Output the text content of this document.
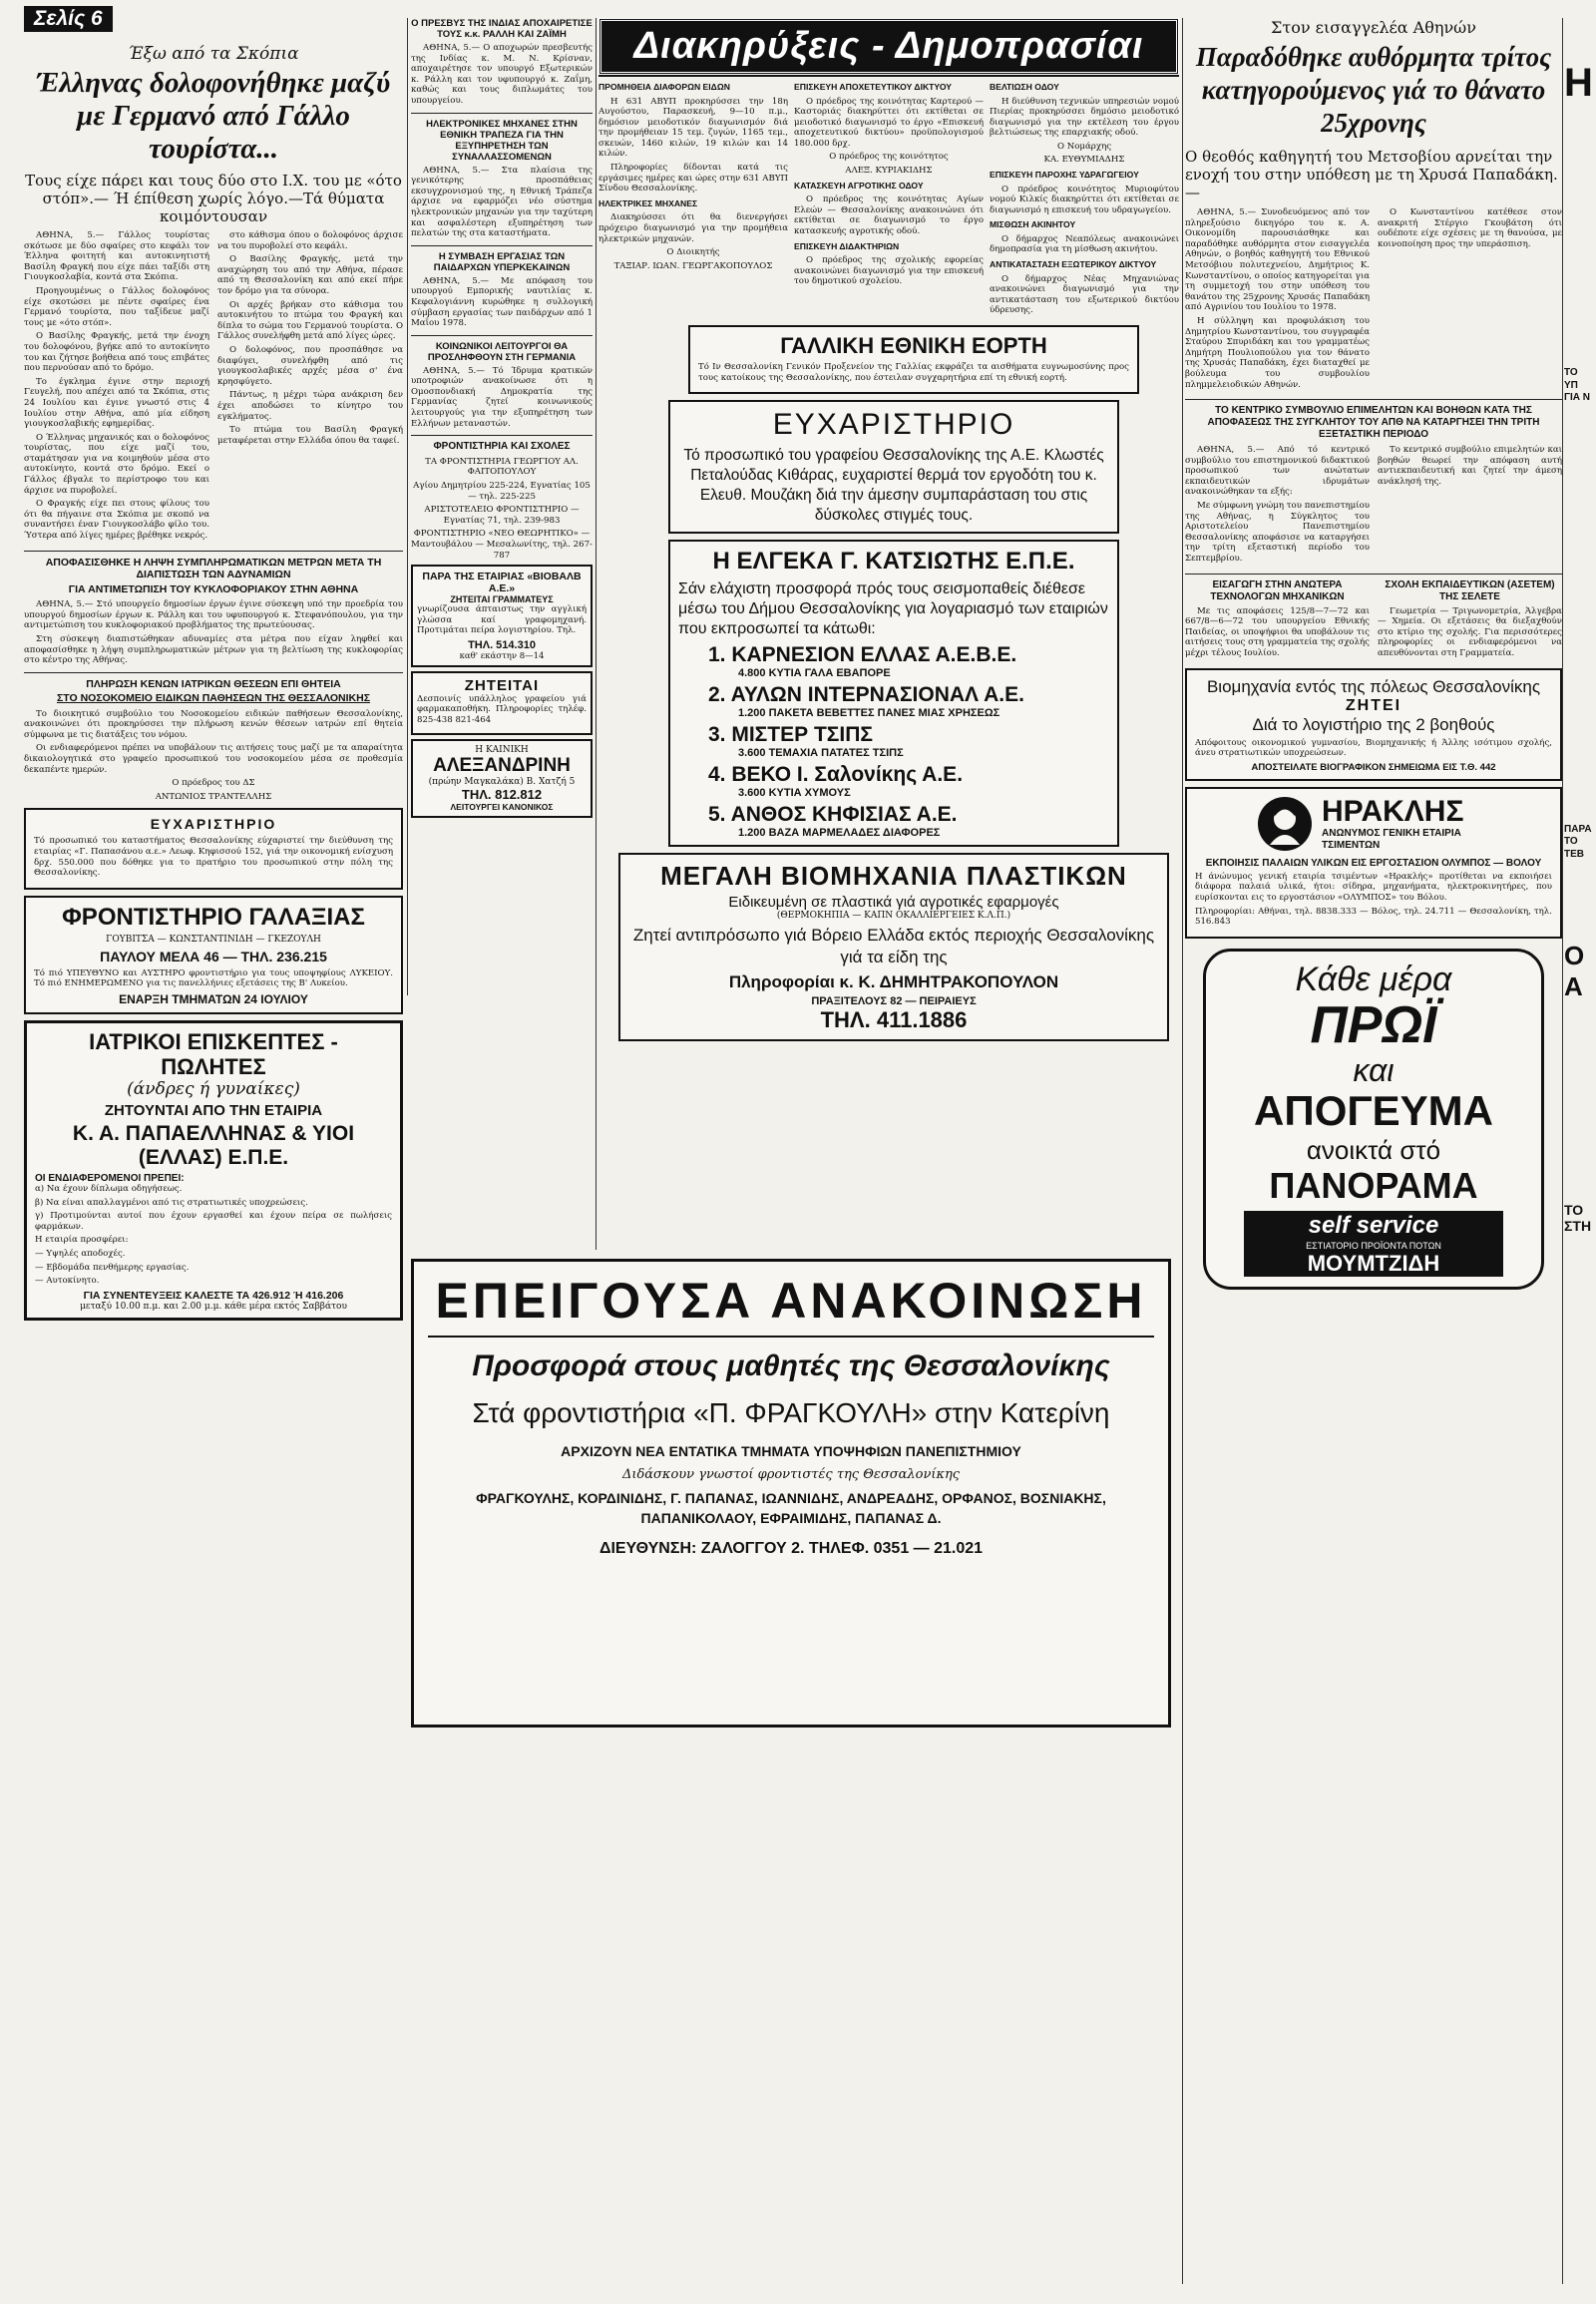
Σελίς 6
Έξω από τα Σκόπια
Έλληνας δολοφονήθηκε μαζύ με Γερμανό από Γάλλο τουρίστα...
Τους είχε πάρει και τους δύο στο Ι.Χ. του με «ότο στόπ».— Ή έπίθεση χωρίς λόγο.—Τά θύματα κοιμόντουσαν

ΑΘΗΝΑ, 5.— Γάλλος τουρίστας σκότωσε με δύο σφαίρες στο κεφάλι τον Έλληνα φοιτητή και αυτοκινητιστή Βασίλη Φραγκή που είχε πάει ταξίδι στη Γιουγκοσλαβία, κοντά στα Σκόπια.

Προηγουμένως ο Γάλλος δολοφόνος είχε σκοτώσει με πέντε σφαίρες ένα Γερμανό τουρίστα, που ταξίδευε μαζί τους με «ότο στόπ».

Ο Βασίλης Φραγκής, μετά την ένοχη του δολοφόνου, βγήκε από το αυτοκίνητο του και ζήτησε βοήθεια από τους επιβάτες που περνούσαν από το δρόμο.

Το έγκλημα έγινε στην περιοχή Γευγελή, που απέχει από τα Σκόπια, στις 24 Ιουλίου και έγινε γνωστό στις 4 Ιουλίου στην Αθήνα, από μία είδηση γιουγκοσλαβικής εφημερίδας.

Ο Έλληνας μηχανικός και ο δολοφόνος τουρίστας, που είχε μαζί του, σταμάτησαν για να κοιμηθούν μέσα στο αυτοκίνητο, κοντά στο δρόμο. Εκεί ο Γάλλος έβγαλε το περίστροφο του και άρχισε να πυροβολεί.

Ο Φραγκής είχε πει στους φίλους του ότι θα πήγαινε στα Σκόπια με σκοπό να συναντήσει έναν Γιουγκοσλάβο φίλο του. Ύστερα από λίγες ημέρες βρέθηκε νεκρός.

στο κάθισμα όπου ο δολοφόνος άρχισε να του πυροβολεί στο κεφάλι.

Ο Βασίλης Φραγκής, μετά την αναχώρηση του από την Αθήνα, πέρασε από τη Θεσσαλονίκη και από εκεί πήρε τον δρόμο για τα σύνορα.

Οι αρχές βρήκαν στο κάθισμα του αυτοκινήτου το πτώμα του Φραγκή και δίπλα το σώμα του Γερμανού τουρίστα. Ο Γάλλος συνελήφθη μετά από λίγες ώρες.

Ο δολοφόνος, που προσπάθησε να διαφύγει, συνελήφθη από τις γιουγκοσλαβικές αρχές μέσα σ' ένα κρησφύγετο.

Πάντως, η μέχρι τώρα ανάκριση δεν έχει αποδώσει το κίνητρο του εγκλήματος.

Το πτώμα του Βασίλη Φραγκή μεταφέρεται στην Ελλάδα όπου θα ταφεί.

ΑΠΟΦΑΣΙΣΘΗΚΕ Η ΛΗΨΗ ΣΥΜΠΛΗΡΩΜΑΤΙΚΩΝ ΜΕΤΡΩΝ ΜΕΤΑ ΤΗ ΔΙΑΠΙΣΤΩΣΗ ΤΩΝ ΑΔΥΝΑΜΙΩΝ
ΓΙΑ ΑΝΤΙΜΕΤΩΠΙΣΗ ΤΟΥ ΚΥΚΛΟΦΟΡΙΑΚΟΥ ΣΤΗΝ ΑΘΗΝΑ

ΑΘΗΝΑ, 5.— Στό υπουργείο δημοσίων έργων έγινε σύσκεψη υπό την προεδρία του υπουργού δημοσίων έργων κ. Ράλλη και του υφυπουργού κ. Στεφανόπουλου, για την αντιμετώπιση του κυκλοφοριακού προβλήματος της πρωτεύουσας.

Στη σύσκεψη διαπιστώθηκαν αδυναμίες στα μέτρα που είχαν ληφθεί και αποφασίσθηκε η λήψη συμπληρωματικών μέτρων για τη βελτίωση της κυκλοφορίας στο κέντρο της Αθήνας.

ΠΛΗΡΩΣΗ ΚΕΝΩΝ ΙΑΤΡΙΚΩΝ ΘΕΣΕΩΝ ΕΠΙ ΘΗΤΕΙΑ
ΣΤΟ ΝΟΣΟΚΟΜΕΙΟ ΕΙΔΙΚΩΝ ΠΑΘΗΣΕΩΝ ΤΗΣ ΘΕΣΣΑΛΟΝΙΚΗΣ

Το διοικητικό συμβούλιο του Νοσοκομείου ειδικών παθήσεων Θεσσαλονίκης, ανακοινώνει ότι προκηρύσσει την πλήρωση κενών θέσεων ιατρών επί θητεία σύμφωνα με τις διατάξεις του νόμου.

Οι ενδιαφερόμενοι πρέπει να υποβάλουν τις αιτήσεις τους μαζί με τα απαραίτητα δικαιολογητικά στο γραφείο προσωπικού του νοσοκομείου μέσα σε προθεσμία δεκαπέντε ημερών.

Ο πρόεδρος του ΔΣ

ΑΝΤΩΝΙΟΣ ΤΡΑΝΤΕΛΛΗΣ

ΕΥΧΑΡΙΣΤΗΡΙΟ

Τό προσωπικό του καταστήματος Θεσσαλονίκης εύχαριστεί την διεύθυνση της εταιρίας «Γ. Παπασάνου α.ε.» Λεωφ. Κηφισσού 152, γιά την οικονομική ενίσχυση δρχ. 550.000 που δόθηκε για το πρατήριο του προσωπικού στην πόλη της Θεσσαλονίκης.

ΦΡΟΝΤΙΣΤΗΡΙΟ ΓΑΛΑΞΙΑΣ
ΓΟΥΒΙΤΣΑ — ΚΩΝΣΤΑΝΤΙΝΙΔΗ — ΓΚΕΖΟΥΛΗ
ΠΑΥΛΟΥ ΜΕΛΑ 46 — ΤΗΛ. 236.215

Τό πιό ΥΠΕΥΘΥΝΟ και ΑΥΣΤΗΡΟ φροντιστήριο για τους υποψηφίους ΛΥΚΕΙΟΥ. Τό πιό ΕΝΗΜΕΡΩΜΕΝΟ για τις πανελλήνιες εξετάσεις της Β' Λυκείου.

ΕΝΑΡΞΗ ΤΜΗΜΑΤΩΝ 24 ΙΟΥΛΙΟΥ
ΙΑΤΡΙΚΟΙ ΕΠΙΣΚΕΠΤΕΣ - ΠΩΛΗΤΕΣ
(άνδρες ή γυναίκες)
ΖΗΤΟΥΝΤΑΙ ΑΠΟ ΤΗΝ ΕΤΑΙΡΙΑ
Κ. Α. ΠΑΠΑΕΛΛΗΝΑΣ & ΥΙΟΙ (ΕΛΛΑΣ) Ε.Π.Ε.
ΟΙ ΕΝΔΙΑΦΕΡΟΜΕΝΟΙ ΠΡΕΠΕΙ:
α) Να έχουν δίπλωμα οδηγήσεως.
β) Να είναι απαλλαγμένοι από τις στρατιωτικές υποχρεώσεις.
γ) Προτιμούνται αυτοί που έχουν εργασθεί και έχουν πείρα σε πωλήσεις φαρμάκων.
Η εταιρία προσφέρει:
— Υψηλές αποδοχές.
— Εβδομάδα πενθήμερης εργασίας.
— Αυτοκίνητο.
ΓΙΑ ΣΥΝΕΝΤΕΥΞΕΙΣ ΚΑΛΕΣΤΕ ΤΑ 426.912 Ή 416.206
μεταξύ 10.00 π.μ. και 2.00 μ.μ. κάθε μέρα εκτός Σαββάτου
Ο ΠΡΕΣΒΥΣ ΤΗΣ ΙΝΔΙΑΣ ΑΠΟΧΑΙΡΕΤΙΣΕ ΤΟΥΣ κ.κ. ΡΑΛΛΗ ΚΑΙ ΖΑΪΜΗ

ΑΘΗΝΑ, 5.— Ο αποχωρών πρεσβευτής της Ινδίας κ. Μ. Ν. Κρίσναν, αποχαιρέτησε τον υπουργό Εξωτερικών κ. Ράλλη και τον υφυπουργό κ. Ζαΐμη, καθώς και τους διπλωμάτες του υπουργείου.

ΗΛΕΚΤΡΟΝΙΚΕΣ ΜΗΧΑΝΕΣ ΣΤΗΝ ΕΘΝΙΚΗ ΤΡΑΠΕΖΑ ΓΙΑ ΤΗΝ ΕΞΥΠΗΡΕΤΗΣΗ ΤΩΝ ΣΥΝΑΛΛΑΣΣΟΜΕΝΩΝ

ΑΘΗΝΑ, 5.— Στα πλαίσια της γενικότερης προσπάθειας εκσυγχρονισμού της, η Εθνική Τράπεζα άρχισε να εφαρμόζει νέο σύστημα ηλεκτρονικών μηχανών για την ταχύτερη και ασφαλέστερη εξυπηρέτηση των πελατών της στα καταστήματα.

Η ΣΥΜΒΑΣΗ ΕΡΓΑΣΙΑΣ ΤΩΝ ΠΑΙΔΑΡΧΩΝ ΥΠΕΡΚΕΚΑΙΝΩΝ

ΑΘΗΝΑ, 5.— Με απόφαση του υπουργού Εμπορικής ναυτιλίας κ. Κεφαλογιάννη κυρώθηκε η συλλογική σύμβαση εργασίας των παιδάρχων από 1 Μαΐου 1978.

ΚΟΙΝΩΝΙΚΟΙ ΛΕΙΤΟΥΡΓΟΙ ΘΑ ΠΡΟΣΛΗΦΘΟΥΝ ΣΤΗ ΓΕΡΜΑΝΙΑ

ΑΘΗΝΑ, 5.— Τό Ίδρυμα κρατικών υποτροφιών ανακοίνωσε ότι η Ομοσπονδιακή Δημοκρατία της Γερμανίας ζητεί κοινωνικούς λειτουργούς για την εξυπηρέτηση των Ελλήνων μεταναστών.

ΦΡΟΝΤΙΣΤΗΡΙΑ ΚΑΙ ΣΧΟΛΕΣ

ΤΑ ΦΡΟΝΤΙΣΤΗΡΙΑ ΓΕΩΡΓΙΟΥ ΑΛ. ΦΑΙΤΟΠΟΥΛΟΥ

Αγίου Δημητρίου 225-224, Εγνατίας 105 — τηλ. 225-225

ΑΡΙΣΤΟΤΕΛΕΙΟ ΦΡΟΝΤΙΣΤΗΡΙΟ — Εγνατίας 71, τηλ. 239-983

ΦΡΟΝΤΙΣΤΗΡΙΟ «ΝΕΟ ΘΕΩΡΗΤΙΚΟ» — Μαντουβάλου — Μεσαλωνίτης, τηλ. 267-787

ΠΑΡΑ ΤΗΣ ΕΤΑΙΡΙΑΣ «ΒΙΟΒΑΛΒ Α.Ε.»
ΖΗΤΕΙΤΑΙ ΓΡΑΜΜΑΤΕΥΣ

γνωρίζουσα άπταιστως την αγγλική γλώσσα καί γραφομηχανή. Προτιμάται πείρα λογιστηρίου. Τηλ.

ΤΗΛ. 514.310
καθ' εκάστην 8—14
ΖΗΤΕΙΤΑΙ

Δεσποινίς υπάλληλος γραφείου γιά φαρμακαποθήκη. Πληροφορίες τηλέφ. 825-438 821-464

Η ΚΑΙΝΙΚΗ
ΑΛΕΞΑΝΔΡΙΝΗ
(πρώην Μαγκαλάκα) Β. Χατζή 5
ΤΗΛ. 812.812
ΛΕΙΤΟΥΡΓΕΙ ΚΑΝΟΝΙΚΟΣ
Διακηρύξεις - Δημοπρασίαι

ΠΡΟΜΗΘΕΙΑ ΔΙΑΦΟΡΩΝ ΕΙΔΩΝ

Η 631 ΑΒΥΠ προκηρύσσει την 18η Αυγούστου, Παρασκευή, 9—10 π.μ., δημόσιον μειοδοτικόν διαγωνισμόν διά την προμήθειαν 15 τεμ. ζυγών, 1165 τεμ., σκευών, 1460 κιλών, 19 κιλών και 14 κιλών.

Πληροφορίες δίδονται κατά τις εργάσιμες ημέρες και ώρες στην 631 ΑΒΥΠ Σίνδου Θεσσαλονίκης.

ΗΛΕΚΤΡΙΚΕΣ ΜΗΧΑΝΕΣ

Διακηρύσσει ότι θα διενεργήσει πρόχειρο διαγωνισμό για την προμήθεια ηλεκτρικών μηχανών.

Ο Διοικητής

ΤΑΞΙΑΡ. ΙΩΑΝ. ΓΕΩΡΓΑΚΟΠΟΥΛΟΣ

ΕΠΙΣΚΕΥΗ ΑΠΟΧΕΤΕΥΤΙΚΟΥ ΔΙΚΤΥΟΥ

Ο πρόεδρος της κοινότητας Καρτερού — Καστοριάς διακηρύττει ότι εκτίθεται σε μειοδοτικό διαγωνισμό το έργο «Επισκευή αποχετευτικού δικτύου» προϋπολογισμού 180.000 δρχ.

Ο πρόεδρος της κοινότητος

ΑΛΕΞ. ΚΥΡΙΑΚΙΔΗΣ

ΚΑΤΑΣΚΕΥΗ ΑΓΡΟΤΙΚΗΣ ΟΔΟΥ

Ο πρόεδρος της κοινότητας Αγίων Ελεών — Θεσσαλονίκης ανακοινώνει ότι εκτίθεται σε διαγωνισμό το έργο κατασκευής αγροτικής οδού.

ΕΠΙΣΚΕΥΗ ΔΙΔΑΚΤΗΡΙΩΝ

Ο πρόεδρος της σχολικής εφορείας ανακοινώνει διαγωνισμό για την επισκευή του δημοτικού σχολείου.

ΒΕΛΤΙΩΣΗ ΟΔΟΥ

Η διεύθυνση τεχνικών υπηρεσιών νομού Πιερίας προκηρύσσει δημόσιο μειοδοτικό διαγωνισμό για την εκτέλεση του έργου βελτιώσεως της επαρχιακής οδού.

Ο Νομάρχης

ΚΑ. ΕΥΘΥΜΙΑΔΗΣ

ΕΠΙΣΚΕΥΗ ΠΑΡΟΧΗΣ ΥΔΡΑΓΩΓΕΙΟΥ

Ο πρόεδρος κοινότητος Μυριοφύτου νομού Κιλκίς διακηρύττει ότι εκτίθεται σε διαγωνισμό η επισκευή του υδραγωγείου.

ΜΙΣΘΩΣΗ ΑΚΙΝΗΤΟΥ

Ο δήμαρχος Νεαπόλεως ανακοινώνει δημοπρασία για τη μίσθωση ακινήτου.

ΑΝΤΙΚΑΤΑΣΤΑΣΗ ΕΞΩΤΕΡΙΚΟΥ ΔΙΚΤΥΟΥ

Ο δήμαρχος Νέας Μηχανιώνας ανακοινώνει διαγωνισμό για την αντικατάσταση του εξωτερικού δικτύου ύδρευσης.

ΓΑΛΛΙΚΗ ΕΘΝΙΚΗ ΕΟΡΤΗ

Τό Ιν Θεσσαλονίκη Γενικόν Προξενείον της Γαλλίας εκφράζει τα αισθήματα ευγνωμοσύνης προς τους κατοίκους της Θεσσαλονίκης, που έστειλαν συγχαρητήρια επί τη εθνική εορτή.

ΕΥΧΑΡΙΣΤΗΡΙΟ
Τό προσωπικό του γραφείου Θεσσαλονίκης της Α.Ε. Κλωστές Πεταλούδας Κιθάρας, ευχαριστεί θερμά τον εργοδότη του κ. Ελευθ. Μουζάκη διά την άμεσην συμπαράσταση του στις δύσκολες στιγμές τους.
Η ΕΛΓΕΚΑ Γ. ΚΑΤΣΙΩΤΗΣ Ε.Π.Ε.
Σάν ελάχιστη προσφορά πρός τους σεισμοπαθείς διέθεσε μέσω του Δήμου Θεσσαλονίκης για λογαριασμό των εταιριών που εκπροσωπεί τα κάτωθι:
1. ΚΑΡΝΕΣΙΟΝ ΕΛΛΑΣ Α.Ε.Β.Ε.
4.800 ΚΥΤΙΑ ΓΑΛΑ ΕΒΑΠΟΡΕ
2. ΑΥΛΩΝ ΙΝΤΕΡΝΑΣΙΟΝΑΛ Α.Ε.
1.200 ΠΑΚΕΤΑ ΒΕΒΕΤΤΕΣ ΠΑΝΕΣ ΜΙΑΣ ΧΡΗΣΕΩΣ
3. ΜΙΣΤΕΡ ΤΣΙΠΣ
3.600 ΤΕΜΑΧΙΑ ΠΑΤΑΤΕΣ ΤΣΙΠΣ
4. ΒΕΚΟ Ι. Σαλονίκης Α.Ε.
3.600 ΚΥΤΙΑ ΧΥΜΟΥΣ
5. ΑΝΘΟΣ ΚΗΦΙΣΙΑΣ Α.Ε.
1.200 ΒΑΖΑ ΜΑΡΜΕΛΑΔΕΣ ΔΙΑΦΟΡΕΣ
ΜΕΓΑΛΗ ΒΙΟΜΗΧΑΝΙΑ ΠΛΑΣΤΙΚΩΝ
Ειδικευμένη σε πλαστικά γιά αγροτικές εφαρμογές
(ΘΕΡΜΟΚΗΠΙΑ — ΚΑΠΝ ΟΚΑΛΛΙΕΡΓΕΙΕΣ Κ.Λ.Π.)
Ζητεί αντιπρόσωπο γιά Βόρειο Ελλάδα εκτός περιοχής Θεσσαλονίκης γιά τα είδη της
Πληροφορίαι κ. Κ. ΔΗΜΗΤΡΑΚΟΠΟΥΛΟΝ
ΠΡΑΞΙΤΕΛΟΥΣ 82 — ΠΕΙΡΑΙΕΥΣ
ΤΗΛ. 411.1886
ΕΠΕΙΓΟΥΣΑ ΑΝΑΚΟΙΝΩΣΗ
Προσφορά στους μαθητές της Θεσσαλονίκης
Στά φροντιστήρια «Π. ΦΡΑΓΚΟΥΛΗ» στην Κατερίνη
ΑΡΧΙΖΟΥΝ ΝΕΑ ΕΝΤΑΤΙΚΑ ΤΜΗΜΑΤΑ ΥΠΟΨΗΦΙΩΝ ΠΑΝΕΠΙΣΤΗΜΙΟΥ
Διδάσκουν γνωστοί φροντιστές της Θεσσαλονίκης
ΦΡΑΓΚΟΥΛΗΣ, ΚΟΡΔΙΝΙΔΗΣ, Γ. ΠΑΠΑΝΑΣ, ΙΩΑΝΝΙΔΗΣ, ΑΝΔΡΕΑΔΗΣ, ΟΡΦΑΝΟΣ, ΒΟΣΝΙΑΚΗΣ, ΠΑΠΑΝΙΚΟΛΑΟΥ, ΕΦΡΑΙΜΙΔΗΣ, ΠΑΠΑΝΑΣ Δ.
ΔΙΕΥΘΥΝΣΗ: ΖΑΛΟΓΓΟΥ 2. ΤΗΛΕΦ. 0351 — 21.021
Στον εισαγγελέα Αθηνών
Παραδόθηκε αυθόρμητα τρίτος κατηγορούμενος γιά το θάνατο 25χρονης
Ο θεοθός καθηγητή του Μετσοβίου αρνείται την ενοχή του στην υπόθεση με τη Χρυσά Παπαδάκη.—

ΑΘΗΝΑ, 5.— Συνοδευόμενος από τον πληρεξούσιο δικηγόρο του κ. Α. Οικονομίδη παρουσιάσθηκε και παραδόθηκε αυθόρμητα στον εισαγγελέα Αθηνών, ο βοηθός καθηγητή του Εθνικού Μετσόβιου πολυτεχνείου, Δημήτριος Κ. Κωνσταντίνου, ο οποίος κατηγορείται για τη συμμετοχή του στην υπόθεση του θανάτου της 25χρονης Χρυσάς Παπαδάκη από Αγρινίου του Ιουλίου το 1978.

Η σύλληψη και προφυλάκιση του Δημητρίου Κωνσταντίνου, του συγγραφέα Σταύρου Σπυριδάκη και του γραμματέως Δημήτρη Πουλιοπούλου για τον θάνατο της Χρυσάς Παπαδάκη, έχει διαταχθεί με βούλευμα του συμβουλίου πλημμελειοδικών Αθηνών.

Ο Κωνσταντίνου κατέθεσε στον ανακριτή Στέργιο Γκουβάτση ότι ουδέποτε είχε σχέσεις με τη θανούσα, με κοινοποίηση προς την υπεράσπιση.

ΤΟ ΚΕΝΤΡΙΚΟ ΣΥΜΒΟΥΛΙΟ ΕΠΙΜΕΛΗΤΩΝ ΚΑΙ ΒΟΗΘΩΝ ΚΑΤΑ ΤΗΣ ΑΠΟΦΑΣΕΩΣ ΤΗΣ ΣΥΓΚΛΗΤΟΥ ΤΟΥ ΑΠΘ ΝΑ ΚΑΤΑΡΓΗΣΕΙ ΤΗΝ ΤΡΙΤΗ ΕΞΕΤΑΣΤΙΚΗ ΠΕΡΙΟΔΟ

ΑΘΗΝΑ, 5.— Από τό κεντρικό συμβούλιο του επιστημονικού διδακτικού προσωπικού των ανώτατων εκπαιδευτικών ιδρυμάτων ανακοινώθηκαν τα εξής:

Με σύμφωνη γνώμη του πανεπιστημίου της Αθήνας, η Σύγκλητος του Αριστοτελείου Πανεπιστημίου Θεσσαλονίκης αποφάσισε να καταργήσει την τρίτη εξεταστική περίοδο του Σεπτεμβρίου.

Το κεντρικό συμβούλιο επιμελητών και βοηθών θεωρεί την απόφαση αυτή αντιεκπαιδευτική και ζητεί την άμεση ανάκλησή της.

ΕΙΣΑΓΩΓΗ ΣΤΗΝ ΑΝΩΤΕΡΑ ΤΕΧΝΟΛΟΓΩΝ ΜΗΧΑΝΙΚΩΝ

Με τις αποφάσεις 125/8—7—72 και 667/8—6—72 του υπουργείου Εθνικής Παιδείας, οι υποψήφιοι θα υποβάλουν τις αιτήσεις τους στη γραμματεία της σχολής μέχρι τέλους Ιουλίου.

ΣΧΟΛΗ ΕΚΠΑΙΔΕΥΤΙΚΩΝ (ΑΣΕΤΕΜ) ΤΗΣ ΣΕΛΕΤΕ

Γεωμετρία — Τριγωνομετρία, Άλγεβρα — Χημεία. Οι εξετάσεις θα διεξαχθούν στο κτίριο της σχολής. Για περισσότερες πληροφορίες οι ενδιαφερόμενοι να απευθύνονται στη Γραμματεία.

Βιομηχανία εντός της πόλεως Θεσσαλονίκης
ΖΗΤΕΙ
Διά το λογιστήριο της 2 βοηθούς

Απόφοιτους οικονομικού γυμνασίου, Βιομηχανικής ή Άλλης ισότιμου σχολής, άνευ στρατιωτικών υποχρεώσεων.

ΑΠΟΣΤΕΙΛΑΤΕ ΒΙΟΓΡΑΦΙΚΟΝ ΣΗΜΕΙΩΜΑ ΕΙΣ Τ.Θ. 442
ΗΡΑΚΛΗΣ
ΑΝΩΝΥΜΟΣ ΓΕΝΙΚΗ ΕΤΑΙΡΙΑ ΤΣΙΜΕΝΤΩΝ
ΕΚΠΟΙΗΣΙΣ ΠΑΛΑΙΩΝ ΥΛΙΚΩΝ ΕΙΣ ΕΡΓΟΣΤΑΣΙΟΝ ΟΛΥΜΠΟΣ — ΒΟΛΟΥ

Η άνώνυμος γενική εταιρία τσιμέντων «Ηρακλής» προτίθεται να εκποιήσει διάφορα παλαιά υλικά, ήτοι: σίδηρα, μηχανήματα, ηλεκτροκινητήρες, που ευρίσκονται εις το εργοστάσιον «ΟΛΥΜΠΟΣ» του Βόλου.

Πληροφορίαι: Αθήναι, τηλ. 8838.333 — Βόλος, τηλ. 24.711 — Θεσσαλονίκη, τηλ. 516.843

Κάθε μέρα
ΠΡΩΪ
και
ΑΠΟΓΕΥΜΑ
ανοικτά στό
ΠΑΝΟΡΑΜΑ
self service
ΕΣΤΙΑΤΟΡΙΟ ΠΡΟΪΟΝΤΑ ΠΟΤΩΝ
ΜΟΥΜΤΖΙΔΗ
Η
ΤΟ ΥΠ
ΓΙΑ Ν
ΠΑΡΑ
ΤΟ ΤΕΒ
Ο
Α
ΤΟ
ΣΤΗ
